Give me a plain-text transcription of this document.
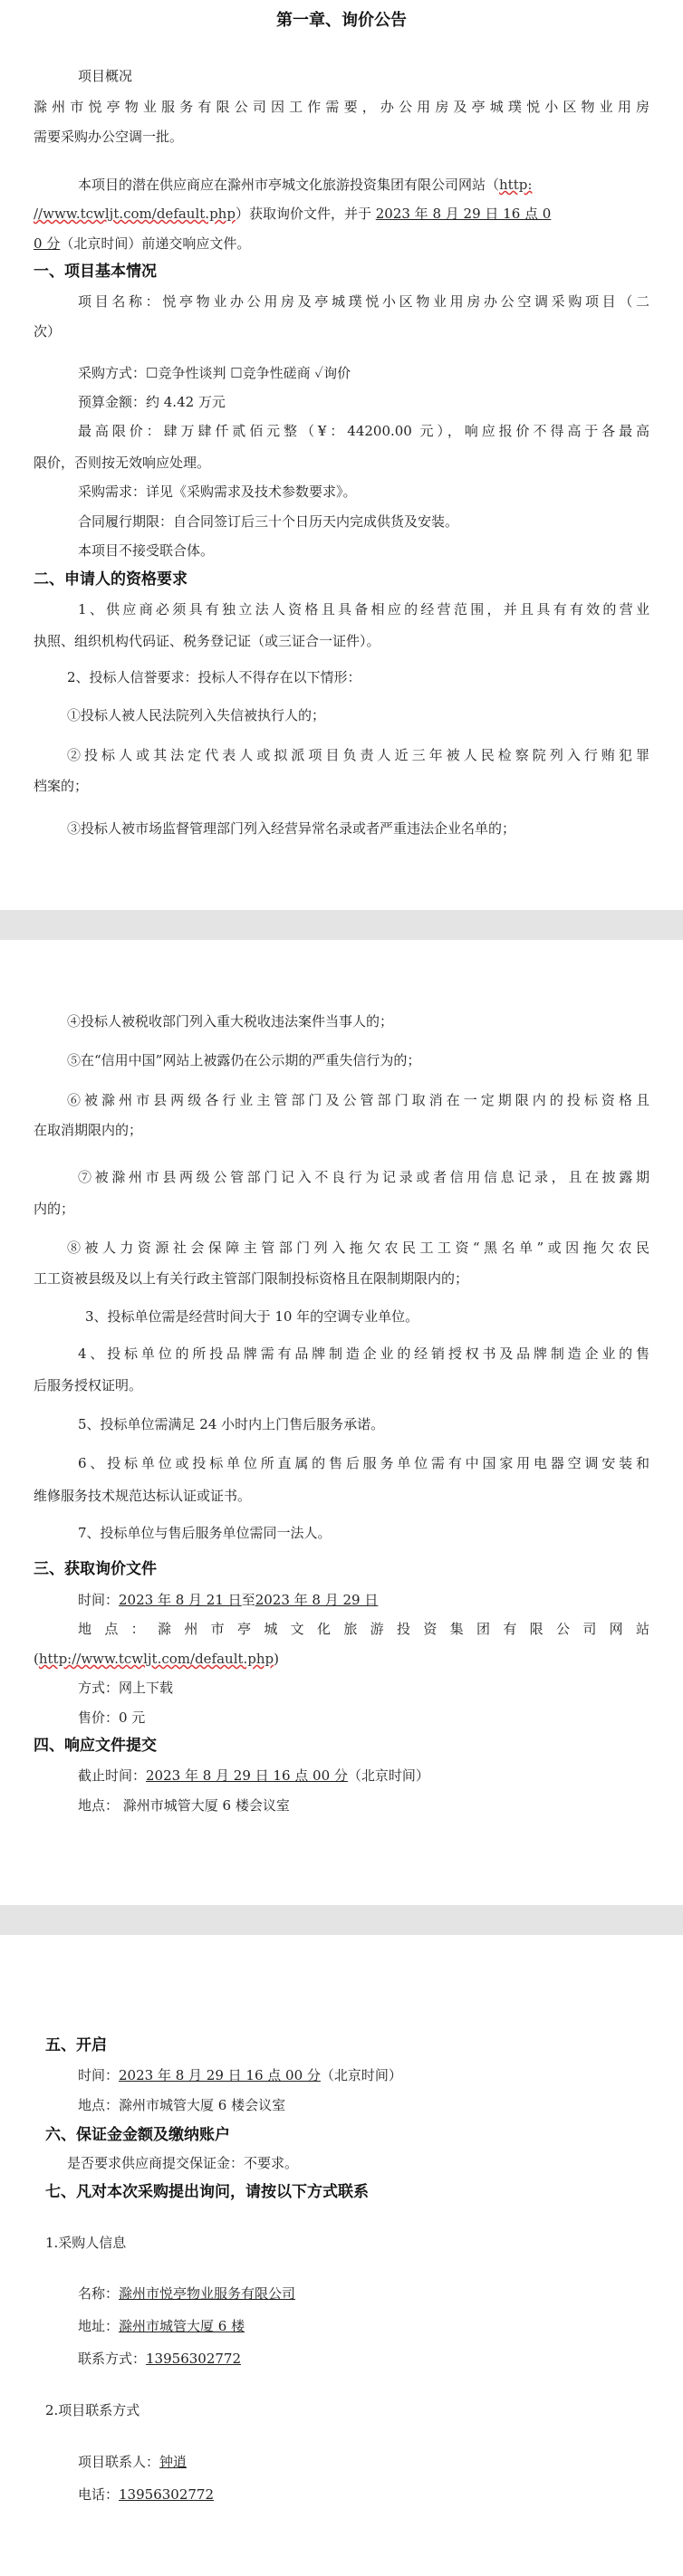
第一章、询价公告
项目概况
滁州市悦亭物业服务有限公司因工作需要，办公用房及亭城璞悦小区物业用房
需要采购办公空调一批。
本项目的潜在供应商应在滁州市亭城文化旅游投资集团有限公司网站（http:
//www.tcwljt.com/default.php）获取询价文件，并于 2023 年 8 月 29 日 16 点 0
0 分（北京时间）前递交响应文件。
一、项目基本情况
项目名称：悦亭物业办公用房及亭城璞悦小区物业用房办公空调采购项目（二
次）
采购方式：☐竞争性谈判 ☐竞争性磋商 ✓询价
预算金额：约 4.42 万元
最高限价：肆万肆仟贰佰元整（¥：44200.00 元），响应报价不得高于各最高
限价，否则按无效响应处理。
采购需求：详见《采购需求及技术参数要求》。
合同履行期限：自合同签订后三十个日历天内完成供货及安装。
本项目不接受联合体。
二、申请人的资格要求
1、供应商必须具有独立法人资格且具备相应的经营范围，并且具有有效的营业
执照、组织机构代码证、税务登记证（或三证合一证件）。
2、投标人信誉要求：投标人不得存在以下情形：
①投标人被人民法院列入失信被执行人的；
②投标人或其法定代表人或拟派项目负责人近三年被人民检察院列入行贿犯罪
档案的；
③投标人被市场监督管理部门列入经营异常名录或者严重违法企业名单的；
④投标人被税收部门列入重大税收违法案件当事人的；
⑤在“信用中国”网站上被露仍在公示期的严重失信行为的；
⑥被滁州市县两级各行业主管部门及公管部门取消在一定期限内的投标资格且
在取消期限内的；
⑦被滁州市县两级公管部门记入不良行为记录或者信用信息记录，且在披露期
内的；
⑧被人力资源社会保障主管部门列入拖欠农民工工资“黑名单”或因拖欠农民
工工资被县级及以上有关行政主管部门限制投标资格且在限制期限内的；
3、投标单位需是经营时间大于 10 年的空调专业单位。
4、投标单位的所投品牌需有品牌制造企业的经销授权书及品牌制造企业的售
后服务授权证明。
5、投标单位需满足 24 小时内上门售后服务承诺。
6、投标单位或投标单位所直属的售后服务单位需有中国家用电器空调安装和
维修服务技术规范达标认证或证书。
7、投标单位与售后服务单位需同一法人。
三、获取询价文件
时间：2023 年 8 月 21 日至2023 年 8 月 29 日
地 点 ： 滁 州 市 亭 城 文 化 旅 游 投 资 集 团 有 限 公 司 网 站
(http://www.tcwljt.com/default.php)
方式：网上下载
售价：0 元
四、响应文件提交
截止时间：2023 年 8 月 29 日 16 点 00 分（北京时间）
地点： 滁州市城管大厦 6 楼会议室
五、开启
时间：2023 年 8 月 29 日 16 点 00 分（北京时间）
地点：滁州市城管大厦 6 楼会议室
六、保证金金额及缴纳账户
是否要求供应商提交保证金：不要求。
七、凡对本次采购提出询问，请按以下方式联系
1.采购人信息
名称：滁州市悦亭物业服务有限公司
地址：滁州市城管大厦 6 楼
联系方式：13956302772
2.项目联系方式
项目联系人：钟逍
电话：13956302772
